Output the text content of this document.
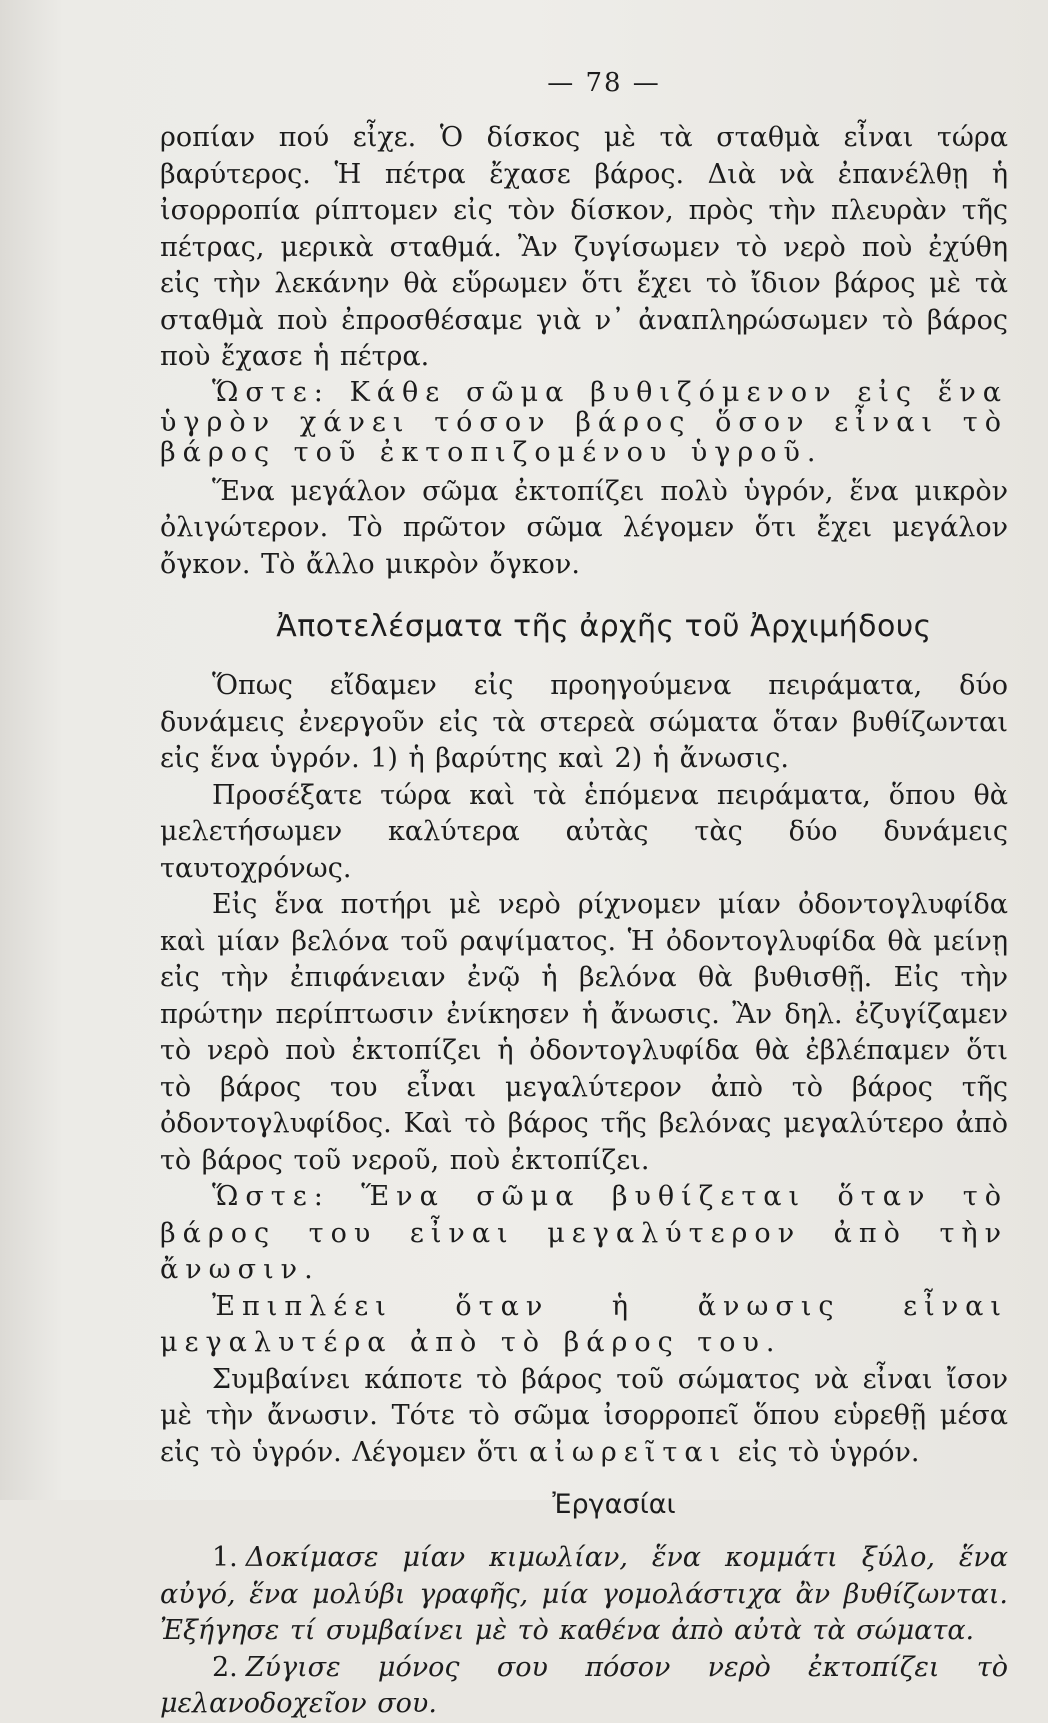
— 78 —

ροπίαν πού εἶχε. Ὁ δίσκος μὲ τὰ σταθμὰ εἶναι τώρα βαρύτερος. Ἡ πέτρα ἔχασε βάρος. Διὰ νὰ ἐπανέλθῃ ἡ ἰσορροπία ρίπτομεν εἰς τὸν δίσκον, πρὸς τὴν πλευρὰν τῆς πέτρας, μερικὰ σταθμά. Ἂν ζυγίσωμεν τὸ νερὸ ποὺ ἐχύθη εἰς τὴν λεκάνην θὰ εὕρωμεν ὅτι ἔχει τὸ ἴδιον βάρος μὲ τὰ σταθμὰ ποὺ ἐπροσθέσαμε γιὰ ν᾽ ἀναπληρώσωμεν τὸ βάρος ποὺ ἔχασε ἡ πέτρα.

Ὥστε: Κάθε σῶμα βυθιζόμενον εἰς ἕνα ὑγρὸν χάνει τόσον βάρος ὅσον εἶναι τὸ βάρος τοῦ ἐκτοπιζομένου ὑγροῦ.

Ἕνα μεγάλον σῶμα ἐκτοπίζει πολὺ ὑγρόν, ἕνα μικρὸν ὀλιγώτερον. Τὸ πρῶτον σῶμα λέγομεν ὅτι ἔχει μεγάλον ὄγκον. Τὸ ἄλλο μικρὸν ὄγκον.

Ἀποτελέσματα τῆς ἀρχῆς τοῦ Ἀρχιμήδους

Ὅπως εἴδαμεν εἰς προηγούμενα πειράματα, δύο δυνάμεις ἐνεργοῦν εἰς τὰ στερεὰ σώματα ὅταν βυθίζωνται εἰς ἕνα ὑγρόν. 1) ἡ βαρύτης καὶ 2) ἡ ἄνωσις.

Προσέξατε τώρα καὶ τὰ ἑπόμενα πειράματα, ὅπου θὰ μελετήσωμεν καλύτερα αὐτὰς τὰς δύο δυνάμεις ταυτοχρόνως.

Εἰς ἕνα ποτήρι μὲ νερὸ ρίχνομεν μίαν ὀδοντογλυφίδα καὶ μίαν βελόνα τοῦ ραψίματος. Ἡ ὀδοντογλυφίδα θὰ μείνῃ εἰς τὴν ἐπιφάνειαν ἐνῷ ἡ βελόνα θὰ βυθισθῇ. Εἰς τὴν πρώτην περίπτωσιν ἐνίκησεν ἡ ἄνωσις. Ἂν δηλ. ἐζυγίζαμεν τὸ νερὸ ποὺ ἐκτοπίζει ἡ ὀδοντογλυφίδα θὰ ἐβλέπαμεν ὅτι τὸ βάρος του εἶναι μεγαλύτερον ἀπὸ τὸ βάρος τῆς ὀδοντογλυφίδος. Καὶ τὸ βάρος τῆς βελόνας μεγαλύτερο ἀπὸ τὸ βάρος τοῦ νεροῦ, ποὺ ἐκτοπίζει.

Ὥστε: Ἕνα σῶμα βυθίζεται ὅταν τὸ βάρος του εἶναι μεγαλύτερον ἀπὸ τὴν ἄνωσιν.

Ἐπιπλέει ὅταν ἡ ἄνωσις εἶναι μεγαλυτέρα ἀπὸ τὸ βάρος του.

Συμβαίνει κάποτε τὸ βάρος τοῦ σώματος νὰ εἶναι ἴσον μὲ τὴν ἄνωσιν. Τότε τὸ σῶμα ἰσορροπεῖ ὅπου εὑρεθῇ μέσα εἰς τὸ ὑγρόν. Λέγομεν ὅτι αἰωρεῖται εἰς τὸ ὑγρόν.

Ἐργασίαι

1. Δοκίμασε μίαν κιμωλίαν, ἕνα κομμάτι ξύλο, ἕνα αὐγό, ἕνα μολύβι γραφῆς, μία γομολάστιχα ἂν βυθίζωνται. Ἐξήγησε τί συμβαίνει μὲ τὸ καθένα ἀπὸ αὐτὰ τὰ σώματα.

2. Ζύγισε μόνος σου πόσον νερὸ ἐκτοπίζει τὸ μελανοδοχεῖον σου.
